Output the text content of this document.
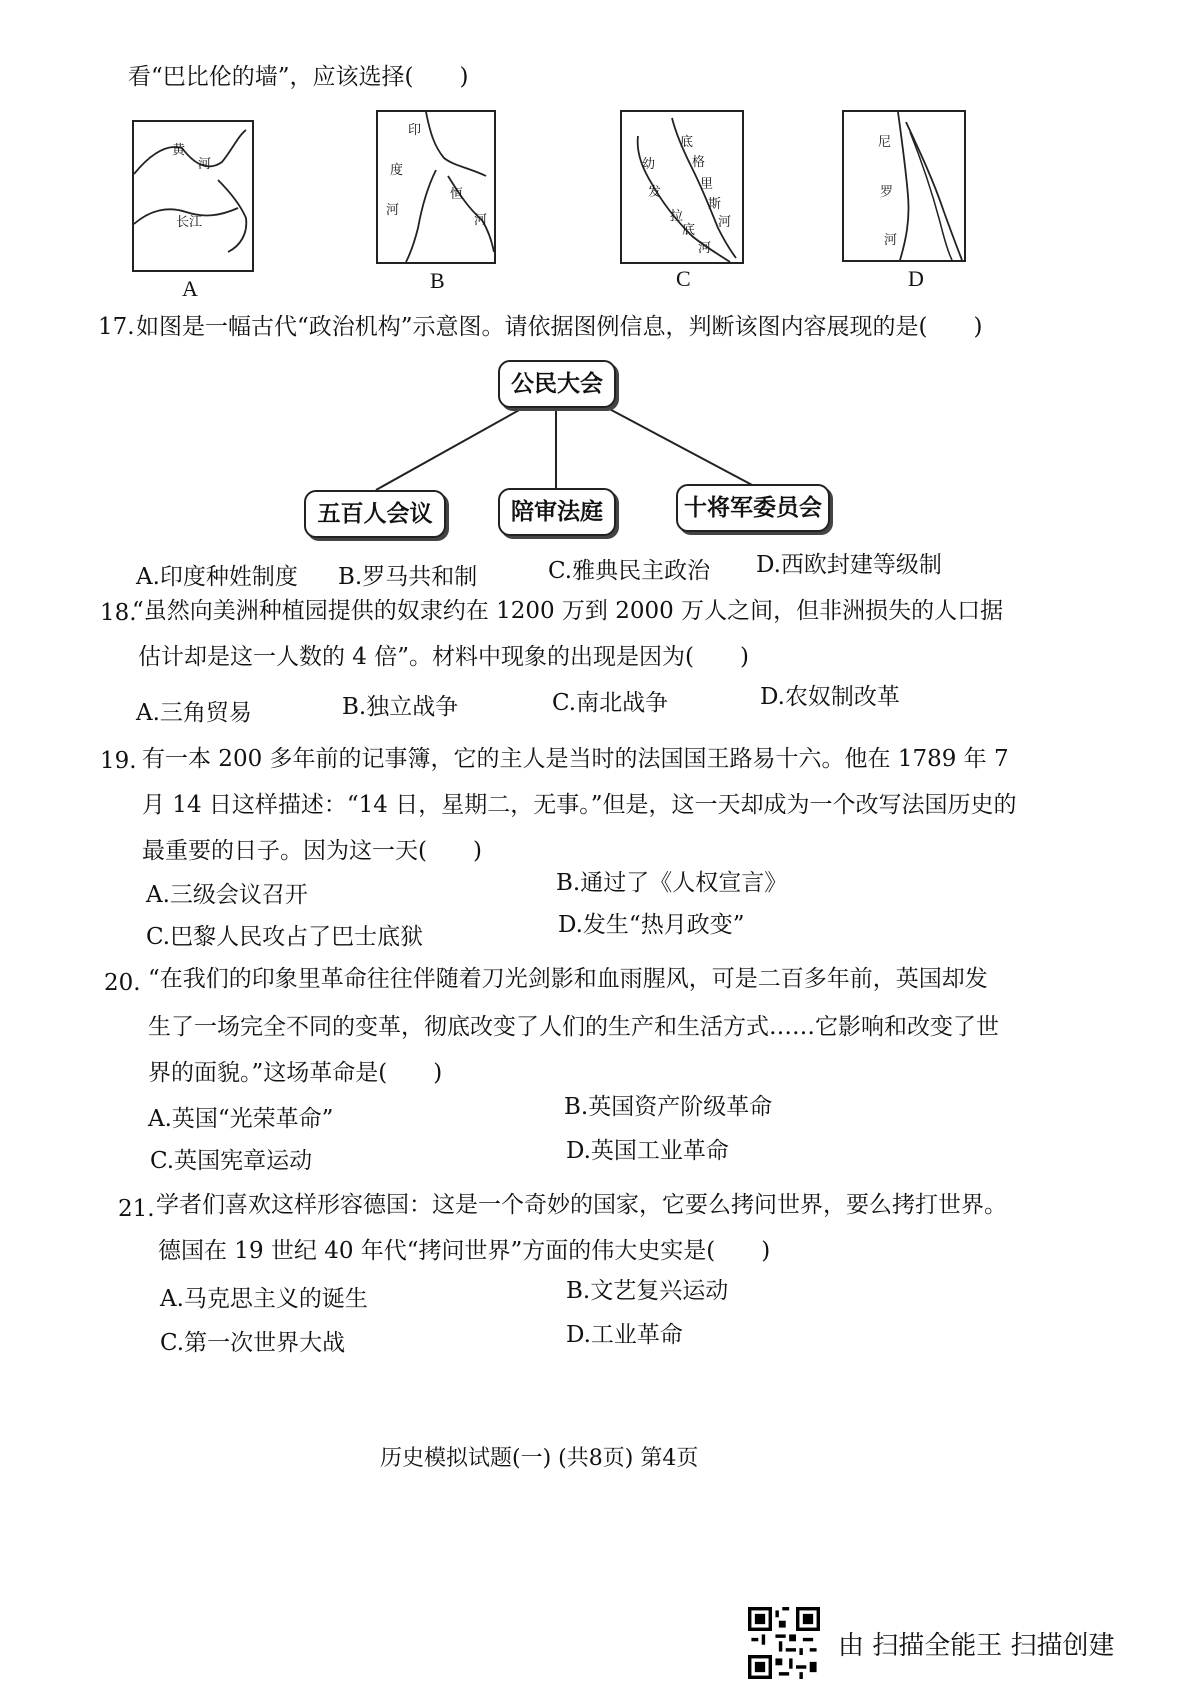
看“巴比伦的墙”，应该选择(　　)
黄
河
长江
A
印
度
河
恒
河
B
幼
发
拉
底
河
底
格
里
斯
河
C
尼
罗
河
D
17. 如图是一幅古代“政治机构”示意图。请依据图例信息，判断该图内容展现的是(　　)
公民大会
五百人会议	陪审法庭	十将军委员会
A.印度种姓制度 B.罗马共和制	C.雅典民主政治 D.西欧封建等级制
18.
“虽然向美洲种植园提供的奴隶约在 1200 万到 2000 万人之间，但非洲损失的人口据
估计却是这一人数的 4 倍”。材料中现象的出现是因为(　　)
A.三角贸易	B.独立战争	C.南北战争	D.农奴制改革
19. 有一本 200 多年前的记事簿，它的主人是当时的法国国王路易十六。他在 1789 年 7
月 14 日这样描述：“14 日，星期二，无事。”但是，这一天却成为一个改写法国历史的
最重要的日子。因为这一天(　　)
A.三级会议召开	B.通过了《人权宣言》
C.巴黎人民攻占了巴士底狱	D.发生“热月政变”
20. “在我们的印象里革命往往伴随着刀光剑影和血雨腥风，可是二百多年前，英国却发
生了一场完全不同的变革，彻底改变了人们的生产和生活方式……它影响和改变了世
界的面貌。”这场革命是(　　)
A.英国“光荣革命”	B.英国资产阶级革命
C.英国宪章运动	D.英国工业革命
21. 学者们喜欢这样形容德国：这是一个奇妙的国家，它要么拷问世界，要么拷打世界。
德国在 19 世纪 40 年代“拷问世界”方面的伟大史实是(　　)
A.马克思主义的诞生	B.文艺复兴运动
C.第一次世界大战	D.工业革命
历史模拟试题(一) (共8页) 第4页
由 扫描全能王 扫描创建
